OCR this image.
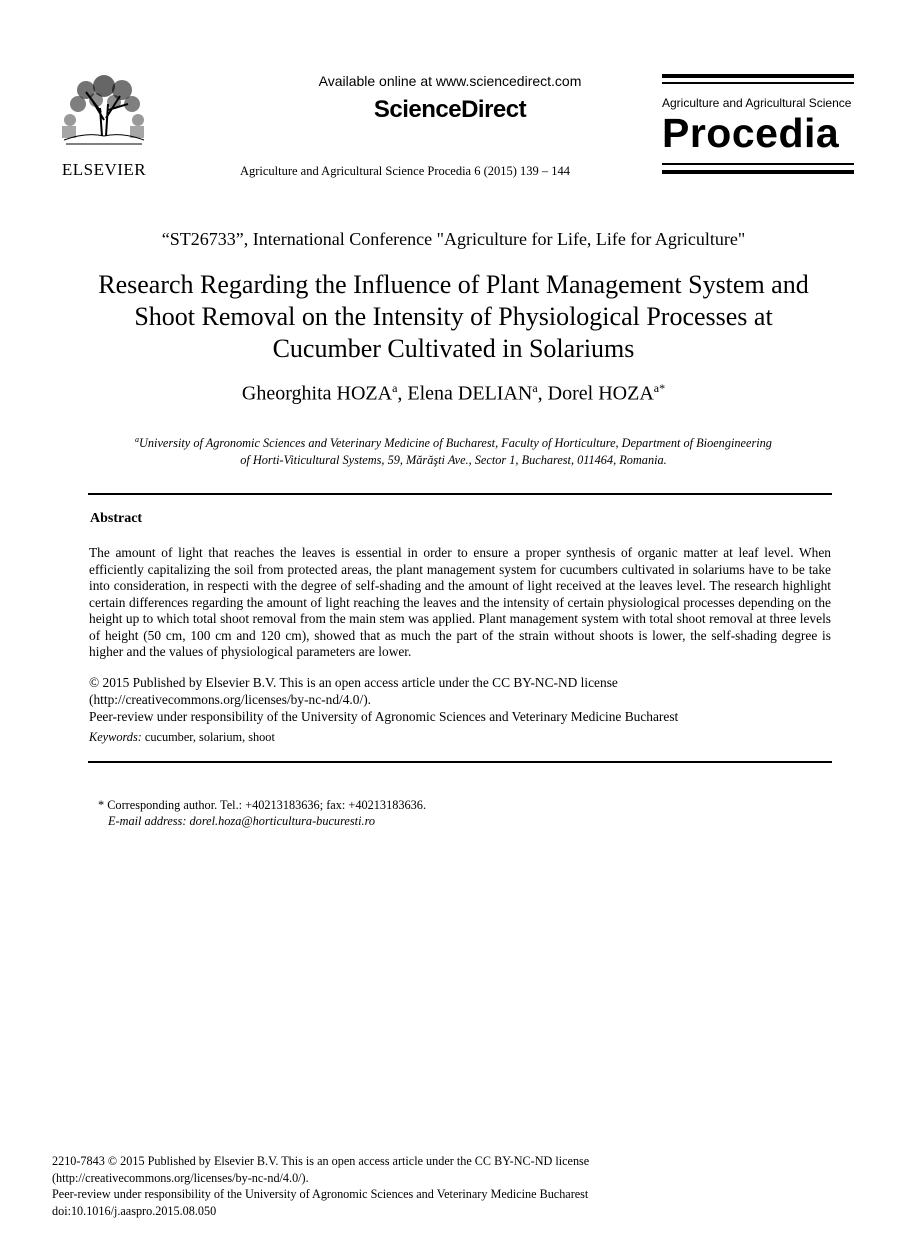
ELSEVIER
Available online at www.sciencedirect.com
ScienceDirect
Agriculture and Agricultural Science Procedia 6 (2015) 139 – 144
Agriculture and Agricultural Science
Procedia
“ST26733”, International Conference "Agriculture for Life, Life for Agriculture"
Research Regarding the Influence of Plant Management System and
Shoot Removal on the Intensity of Physiological Processes at
Cucumber Cultivated in Solariums
Gheorghita HOZA$^a$, Elena DELIAN$^a$, Dorel $HOZA^{a*}$
$^a$University of Agronomic Sciences and Veterinary Medicine of Bucharest, Faculty of Horticulture, Department of Bioengineering
of Horti-Viticultural Systems, 59, Mărăşti Ave., Sector 1, Bucharest, 011464, Romania.
Abstract
The amount of light that reaches the leaves is essential in order to ensure a proper synthesis of organic matter at leaf level. When efficiently capitalizing the soil from protected areas, the plant management system for cucumbers cultivated in solariums have to be take into consideration, in respecti with the degree of self-shading and the amount of light received at the leaves level. The research highlight certain differences regarding the amount of light reaching the leaves and the intensity of certain physiological processes depending on the height up to which total shoot removal from the main stem was applied. Plant management system with total shoot removal at three levels of height (50 cm, 100 cm and 120 cm), showed that as much the part of the strain without shoots is lower, the self-shading degree is higher and the values of physiological parameters are lower.
© 2015 Published by Elsevier B.V. This is an open access article under the CC BY-NC-ND license
(http://creativecommons.org/licenses/by-nc-nd/4.0/).
Peer-review under responsibility of the University of Agronomic Sciences and Veterinary Medicine Bucharest
Keywords: cucumber, solarium, shoot
* Corresponding author. Tel.: +40213183636; fax: +40213183636.
E-mail address: dorel.hoza@horticultura-bucuresti.ro
2210-7843 © 2015 Published by Elsevier B.V. This is an open access article under the CC BY-NC-ND license
(http://creativecommons.org/licenses/by-nc-nd/4.0/).
Peer-review under responsibility of the University of Agronomic Sciences and Veterinary Medicine Bucharest
doi:10.1016/j.aaspro.2015.08.050
